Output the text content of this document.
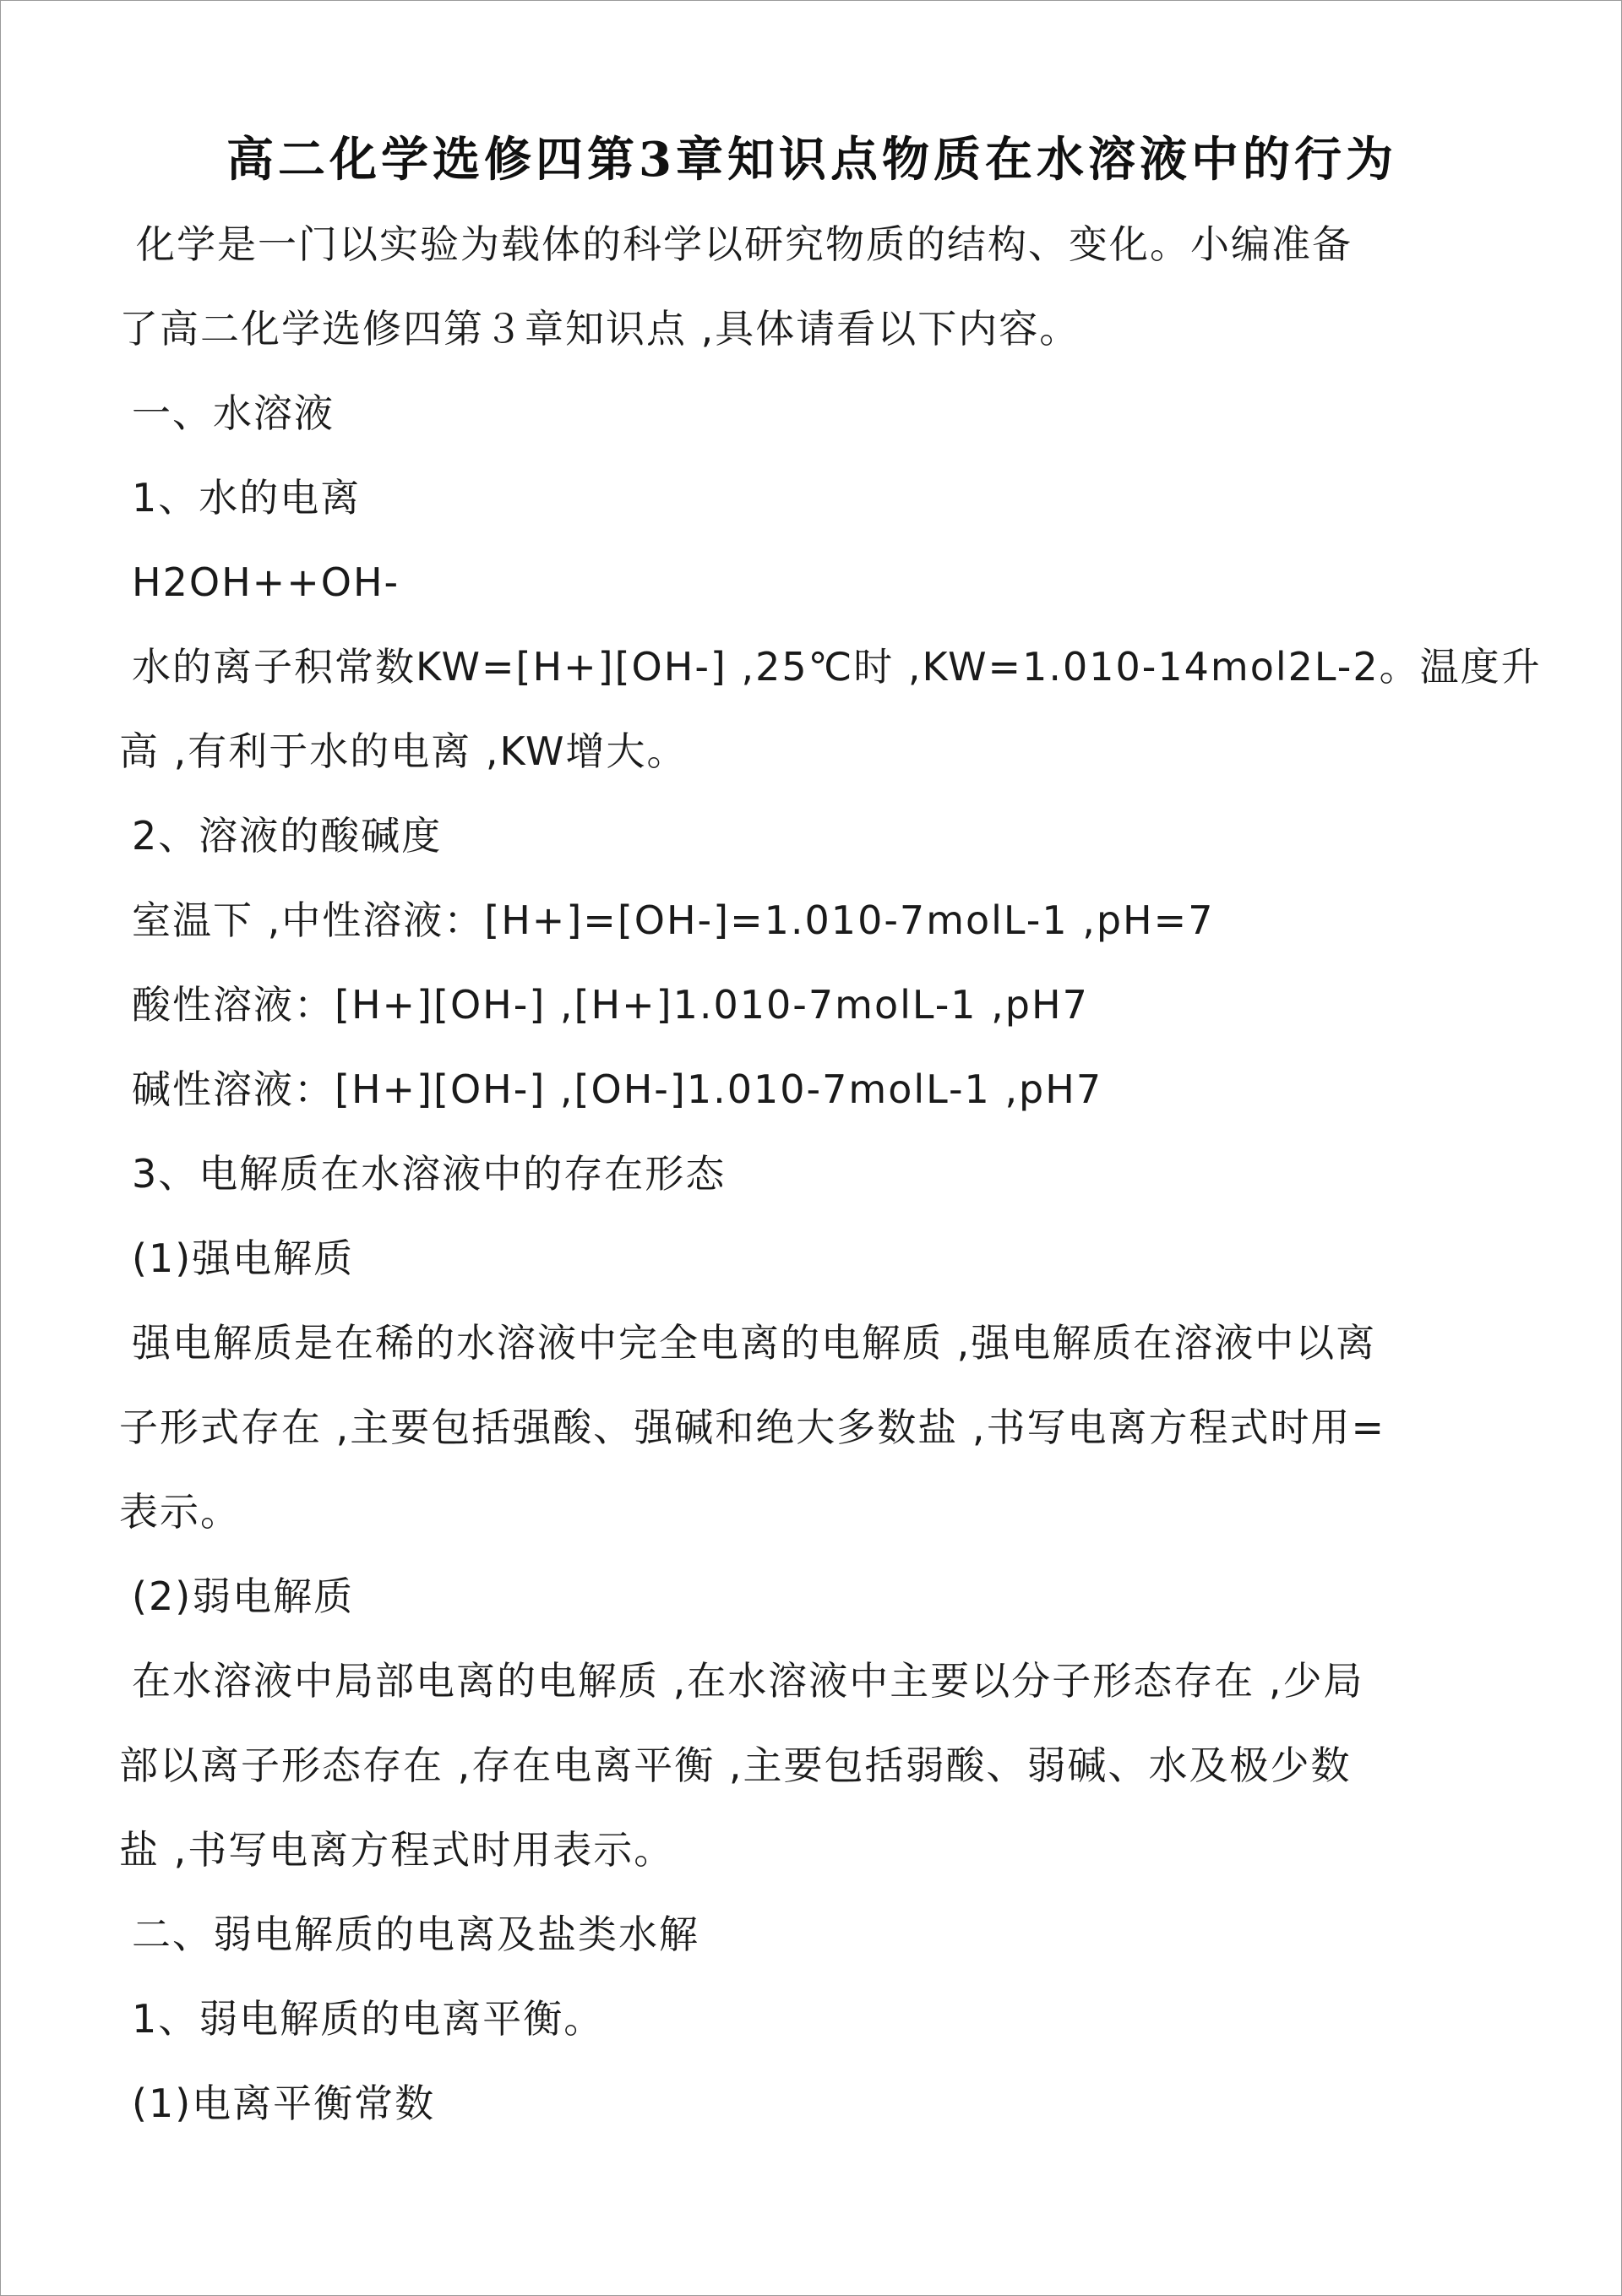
高二化学选修四第3章知识点物质在水溶液中的行为
化学是一门以实验为载体的科学以研究物质的结构、变化。小编准备
了高二化学选修四第３章知识点 ,具体请看以下内容。
一、水溶液
1、水的电离
H2OH++OH-
水的离子积常数KW=[H+][OH-] ,25℃时 ,KW=1.010-14mol2L-2。温度升
高 ,有利于水的电离 ,KW增大。
2、溶液的酸碱度
室温下 ,中性溶液：[H+]=[OH-]=1.010-7molL-1 ,pH=7
酸性溶液：[H+][OH-] ,[H+]1.010-7molL-1 ,pH7
碱性溶液：[H+][OH-] ,[OH-]1.010-7molL-1 ,pH7
3、电解质在水溶液中的存在形态
(1)强电解质
强电解质是在稀的水溶液中完全电离的电解质 ,强电解质在溶液中以离
子形式存在 ,主要包括强酸、强碱和绝大多数盐 ,书写电离方程式时用=
表示。
(2)弱电解质
在水溶液中局部电离的电解质 ,在水溶液中主要以分子形态存在 ,少局
部以离子形态存在 ,存在电离平衡 ,主要包括弱酸、弱碱、水及极少数
盐 ,书写电离方程式时用表示。
二、弱电解质的电离及盐类水解
1、弱电解质的电离平衡。
(1)电离平衡常数
